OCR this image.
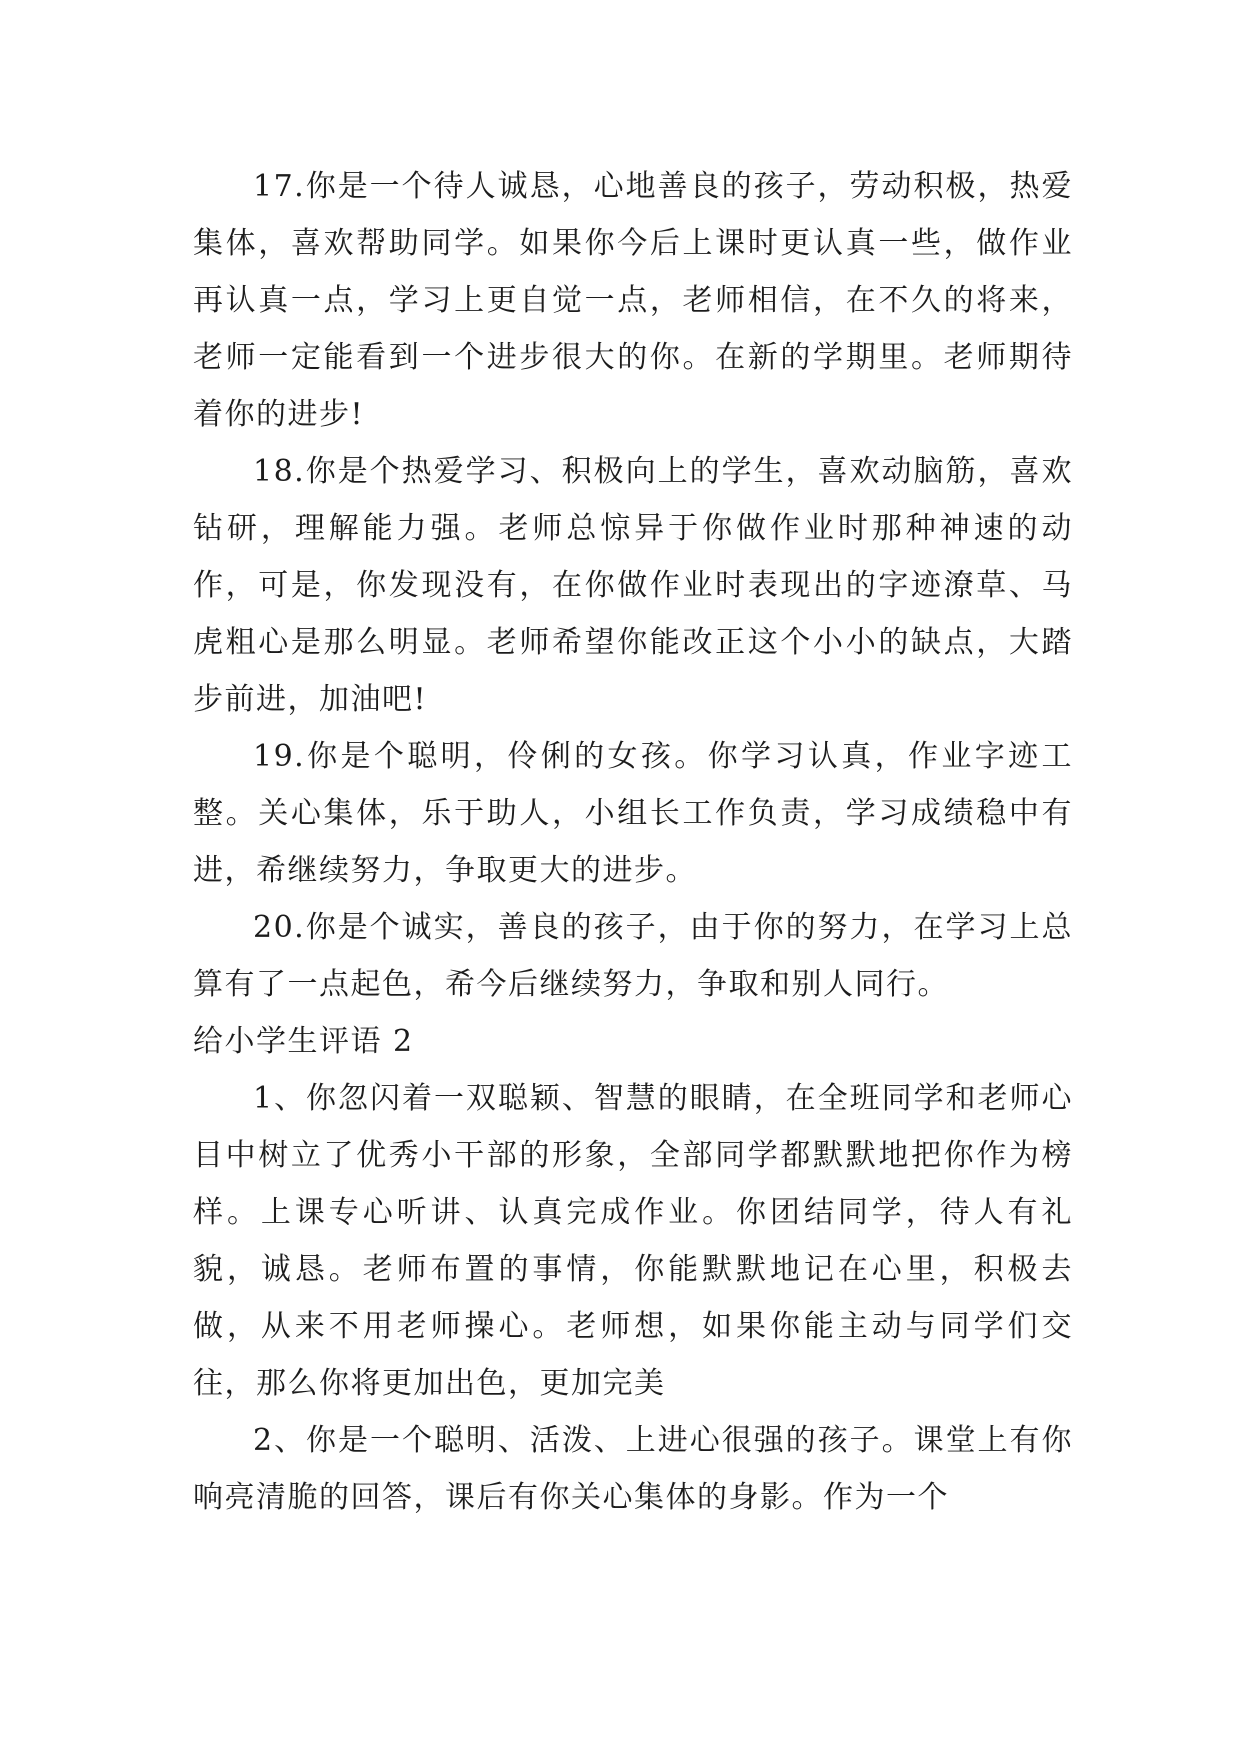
17.你是一个待人诚恳，心地善良的孩子，劳动积极，热爱集体，喜欢帮助同学。如果你今后上课时更认真一些，做作业再认真一点，学习上更自觉一点，老师相信，在不久的将来，老师一定能看到一个进步很大的你。在新的学期里。老师期待着你的进步!

18.你是个热爱学习、积极向上的学生，喜欢动脑筋，喜欢钻研，理解能力强。老师总惊异于你做作业时那种神速的动作，可是，你发现没有，在你做作业时表现出的字迹潦草、马虎粗心是那么明显。老师希望你能改正这个小小的缺点，大踏步前进，加油吧!

19.你是个聪明，伶俐的女孩。你学习认真，作业字迹工整。关心集体，乐于助人，小组长工作负责，学习成绩稳中有进，希继续努力，争取更大的进步。

20.你是个诚实，善良的孩子，由于你的努力，在学习上总算有了一点起色，希今后继续努力，争取和别人同行。

给小学生评语 2

1、你忽闪着一双聪颖、智慧的眼睛，在全班同学和老师心目中树立了优秀小干部的形象，全部同学都默默地把你作为榜样。上课专心听讲、认真完成作业。你团结同学，待人有礼貌，诚恳。老师布置的事情，你能默默地记在心里，积极去做，从来不用老师操心。老师想，如果你能主动与同学们交往，那么你将更加出色，更加完美

2、你是一个聪明、活泼、上进心很强的孩子。课堂上有你响亮清脆的回答，课后有你关心集体的身影。作为一个
